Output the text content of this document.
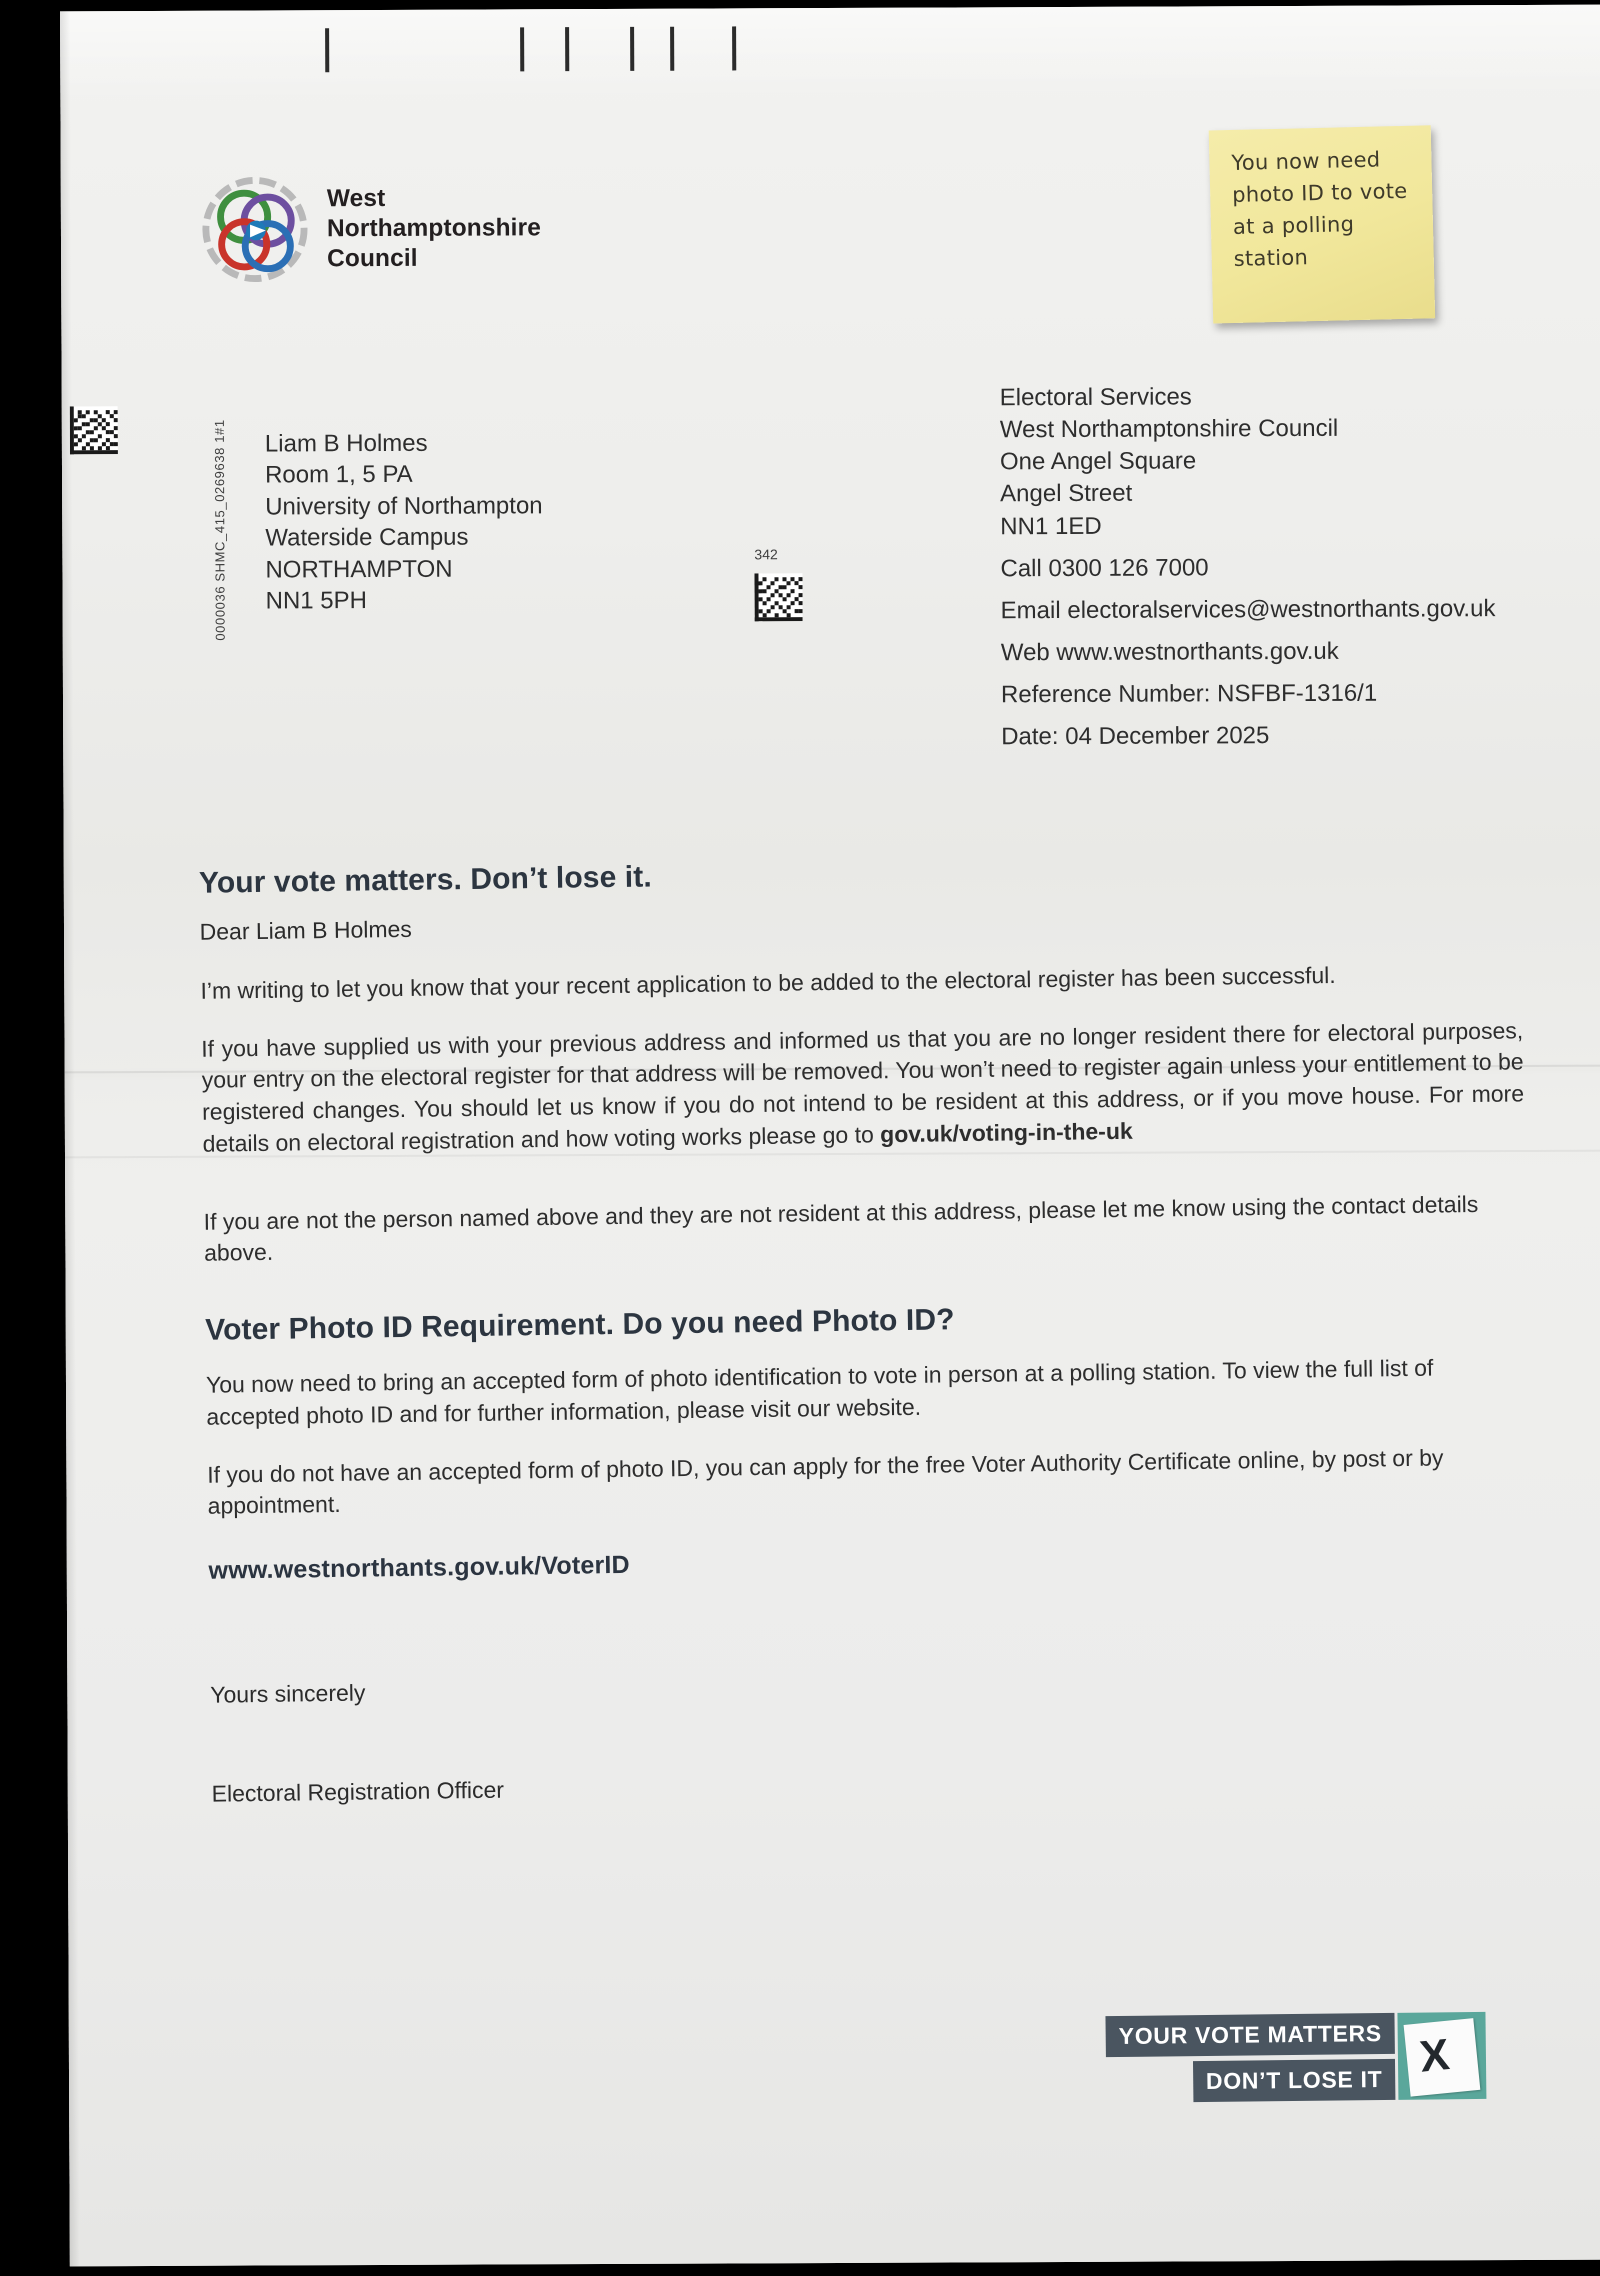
West
Northamptonshire
Council
You now need photo ID to vote at a polling station
0000036 SHMC_415_0269638 1#1	342
Liam B Holmes
Room 1, 5 PA
University of Northampton
Waterside Campus
NORTHAMPTON
NN1 5PH
Electoral Services
West Northamptonshire Council
One Angel Square
Angel Street
NN1 1ED
Call 0300 126 7000
Email electoralservices@westnorthants.gov.uk
Web www.westnorthants.gov.uk
Reference Number: NSFBF-1316/1
Date: 04 December 2025
Your vote matters. Don’t lose it.

Dear Liam B Holmes

I’m writing to let you know that your recent application to be added to the electoral register has been successful.

If you have supplied us with your previous address and informed us that you are no longer resident there for electoral purposes, your entry on the electoral register for that address will be removed. You won’t need to register again unless your entitlement to be registered changes. You should let us know if you do not intend to be resident at this address, or if you move house. For more details on electoral registration and how voting works please go to gov.uk/voting-in-the-uk

If you are not the person named above and they are not resident at this address, please let me know using the contact details above.

Voter Photo ID Requirement. Do you need Photo ID?

You now need to bring an accepted form of photo identification to vote in person at a polling station. To view the full list of accepted photo ID and for further information, please visit our website.

If you do not have an accepted form of photo ID, you can apply for the free Voter Authority Certificate online, by post or by appointment.

www.westnorthants.gov.uk/VoterID

Yours sincerely

Electoral Registration Officer

YOUR VOTE MATTERS
DON’T LOSE IT X
